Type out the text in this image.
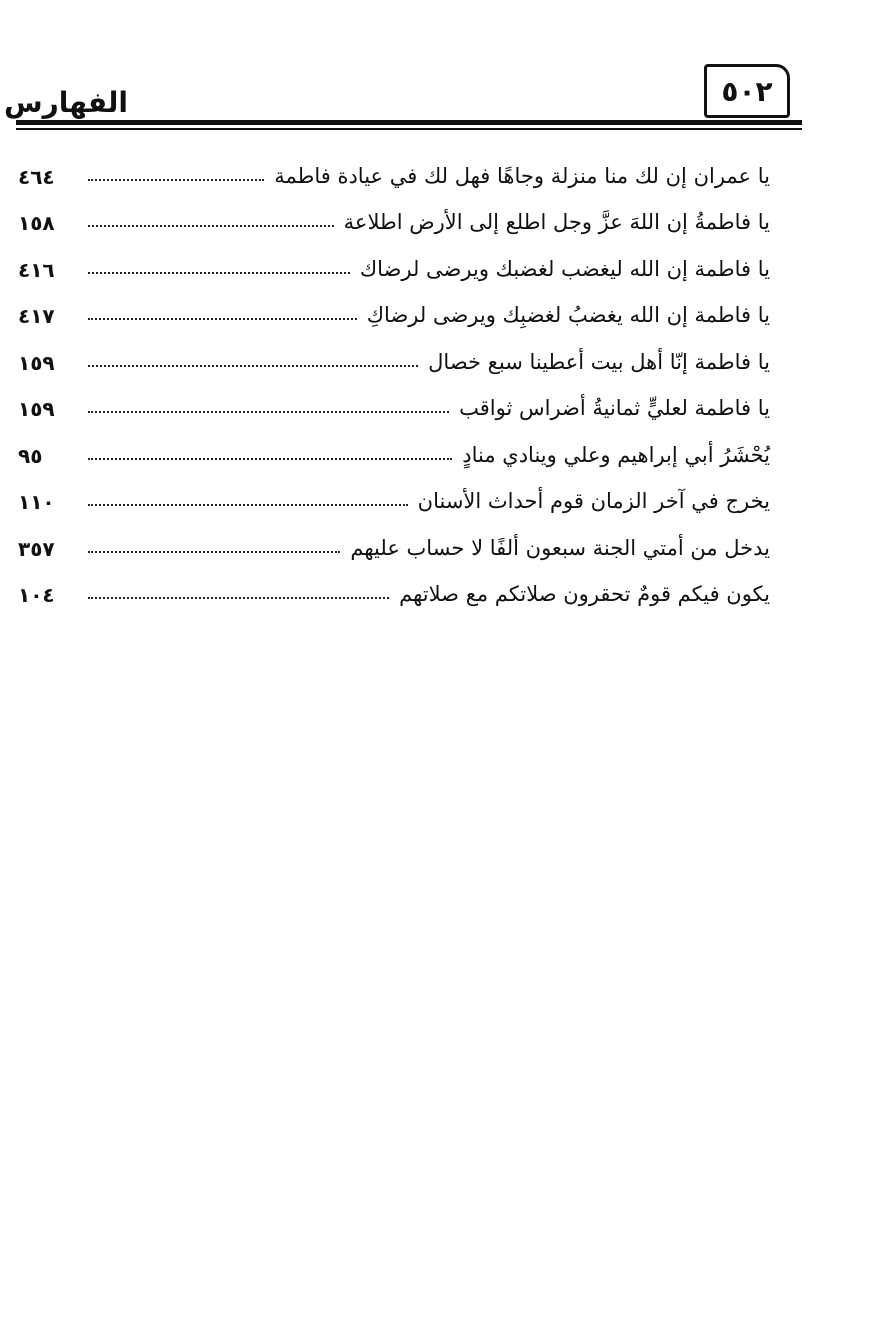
الفهارس	٥٠٢
يا عمران إن لك منا منزلة وجاهًا فهل لك في عيادة فاطمة
٤٦٤
يا فاطمةُ إن اللهَ عزَّ وجل اطلع إلى الأرض اطلاعة
١٥٨
يا فاطمة إن الله ليغضب لغضبك ويرضى لرضاك
٤١٦
يا فاطمة إن الله يغضبُ لغضبِك ويرضى لرضاكِ
٤١٧
يا فاطمة إنّا أهل بيت أعطينا سبع خصال
١٥٩
يا فاطمة لعليٍّ ثمانيةُ أضراس ثواقب
١٥٩
يُحْشَرُ أبي إبراهيم وعلي وينادي منادٍ
٩٥
يخرج في آخر الزمان قوم أحداث الأسنان
١١٠
يدخل من أمتي الجنة سبعون ألفًا لا حساب عليهم
٣٥٧
يكون فيكم قومٌ تحقرون صلاتكم مع صلاتهم
١٠٤
